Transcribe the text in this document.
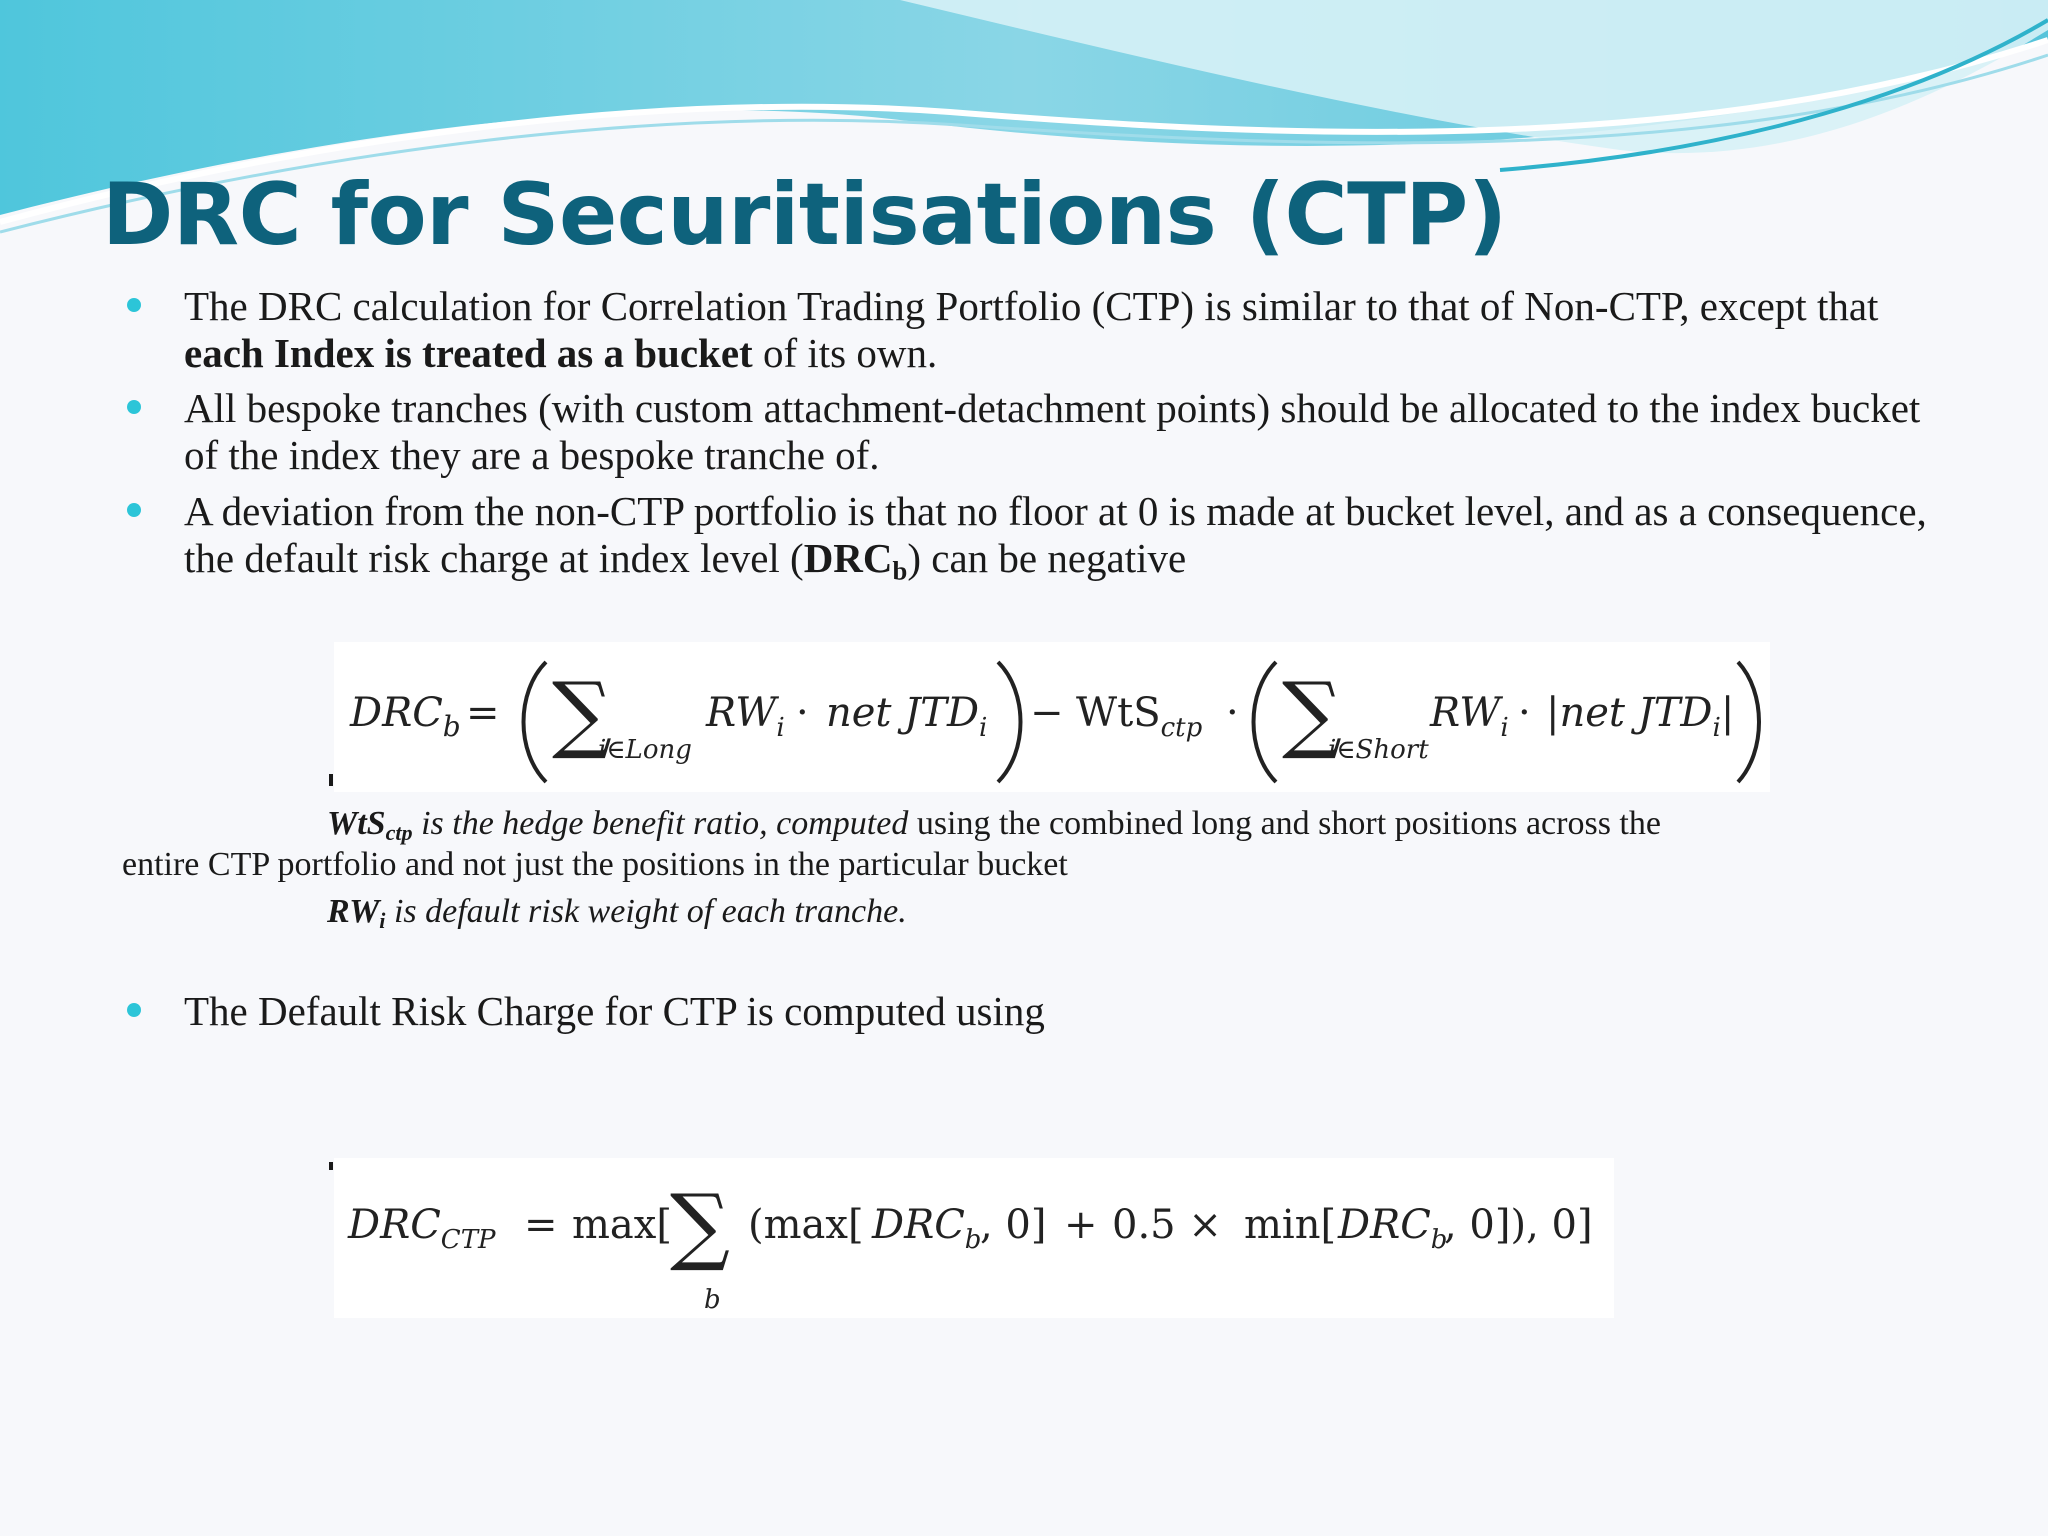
DRC for Securitisations (CTP)
The DRC calculation for Correlation Trading Portfolio (CTP) is similar to that of Non-CTP, except that each Index is treated as a bucket of its own.
All bespoke tranches (with custom attachment-detachment points) should be allocated to the index bucket of the index they are a bespoke tranche of.
A deviation from the non-CTP portfolio is that no floor at 0 is made at bucket level, and as a consequence, the default risk charge at index level $(DRC_b)$ can be negative
The Default Risk Charge for CTP is computed using
$DRC_b$ = ∑
i∈Long
$RW_i$ · net $JTD_i - WtS_{ctp}$ · ∑
i∈Short
$RW_i \cdot |net$ $JTD_i|$
WtS$_{ctp}$ is the hedge benefit ratio, computed using the combined long and short positions across the
entire CTP portfolio and not just the positions in the particular bucket
$RW_i$ is default risk weight of each tranche.
$DRC_{CTP} = \max$[
∑
b
(max[ $DRC_b$
, 0] + 0.5 × min[ $DRC_b$
, 0]), 0]
